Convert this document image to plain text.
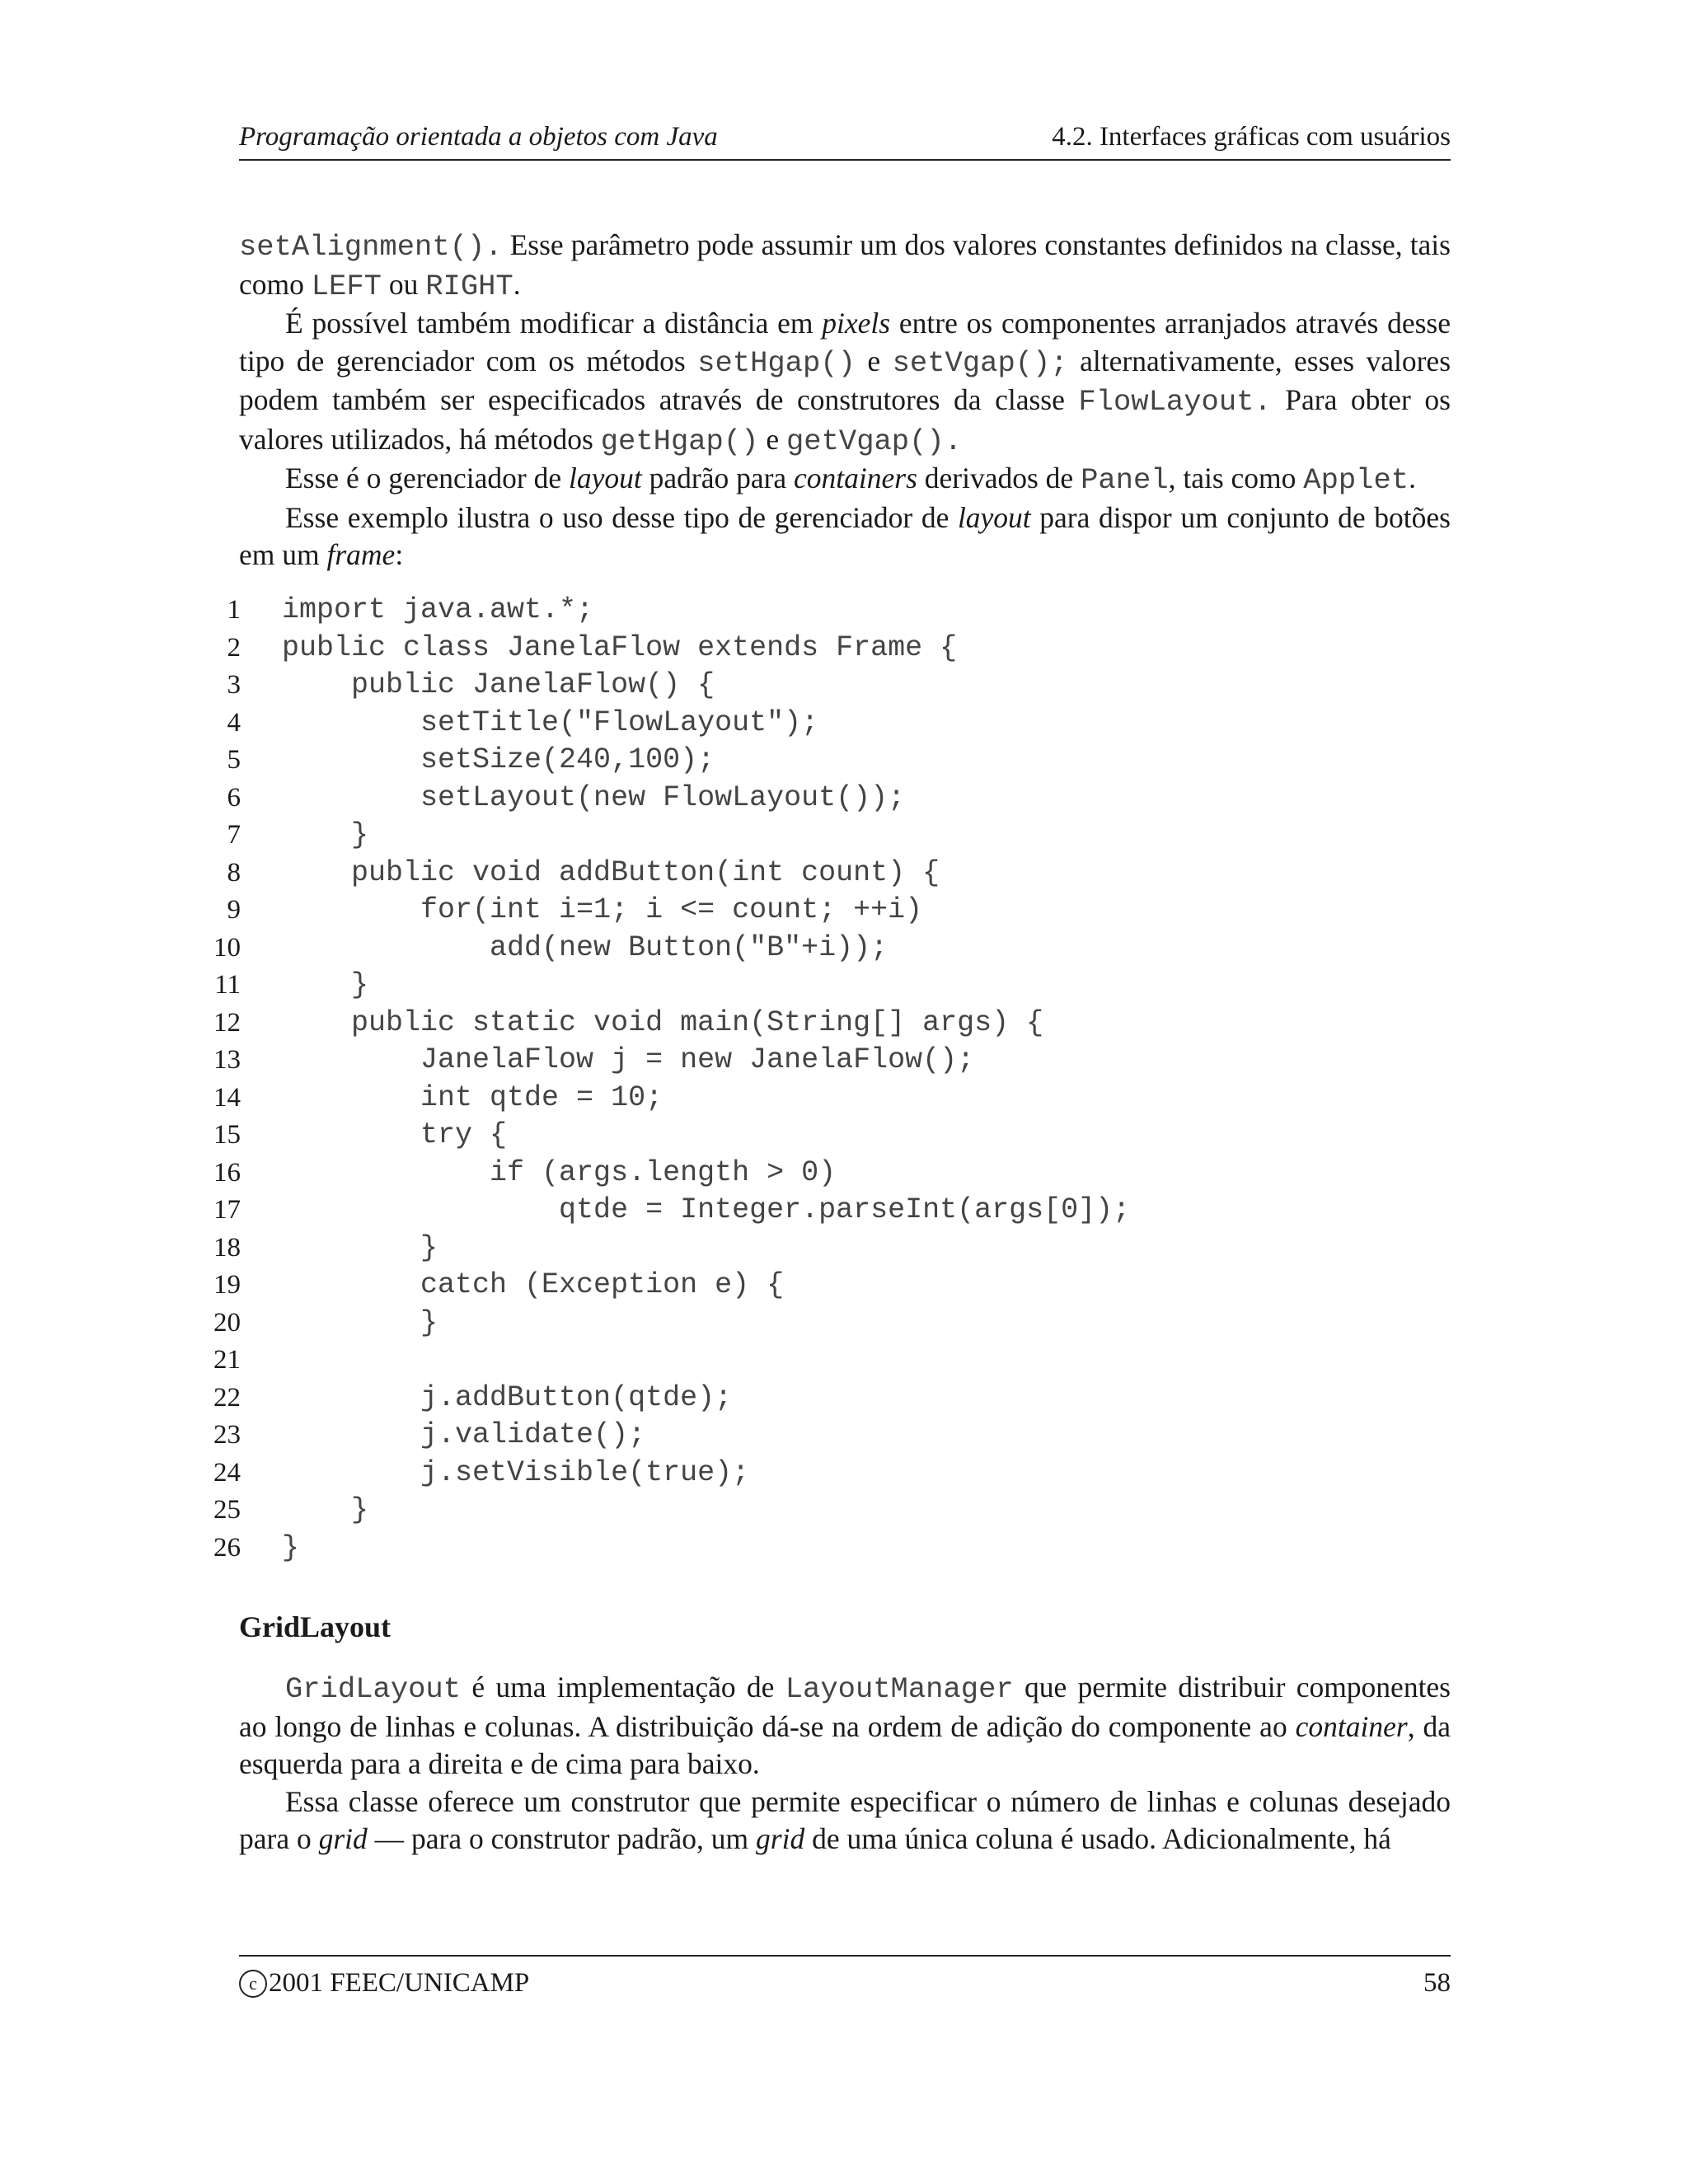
Programação orientada a objetos com Java	4.2. Interfaces gráficas com usuários

setAlignment(). Esse parâmetro pode assumir um dos valores constantes definidos na classe, tais como LEFT ou RIGHT.

É possível também modificar a distância em pixels entre os componentes arranjados através desse tipo de gerenciador com os métodos setHgap() e setVgap(); alternativamente, esses valores podem também ser especificados através de construtores da classe FlowLayout. Para obter os valores utilizados, há métodos getHgap() e getVgap().

Esse é o gerenciador de layout padrão para containers derivados de Panel, tais como Applet.

Esse exemplo ilustra o uso desse tipo de gerenciador de layout para dispor um conjunto de botões em um frame:

1	import java.awt.*;
2	public class JanelaFlow extends Frame {
3	public JanelaFlow() {
4	setTitle("FlowLayout");
5	setSize(240,100);
6	setLayout(new FlowLayout());
7	}
8	public void addButton(int count) {
9	for(int i=1; i <= count; ++i)
10	add(new Button("B"+i));
11	}
12	public static void main(String[] args) {
13	JanelaFlow j = new JanelaFlow();
14	int qtde = 10;
15	try {
16	if (args.length > 0)
17	qtde = Integer.parseInt(args[0]);
18	}
19	catch (Exception e) {
20	}
21
22	j.addButton(qtde);
23	j.validate();
24	j.setVisible(true);
25	}
26	}
GridLayout

GridLayout é uma implementação de LayoutManager que permite distribuir componentes ao longo de linhas e colunas. A distribuição dá-se na ordem de adição do componente ao container, da esquerda para a direita e de cima para baixo.

Essa classe oferece um construtor que permite especificar o número de linhas e colunas desejado para o grid — para o construtor padrão, um grid de uma única coluna é usado. Adicionalmente, há

c 2001 FEEC/UNICAMP	58
